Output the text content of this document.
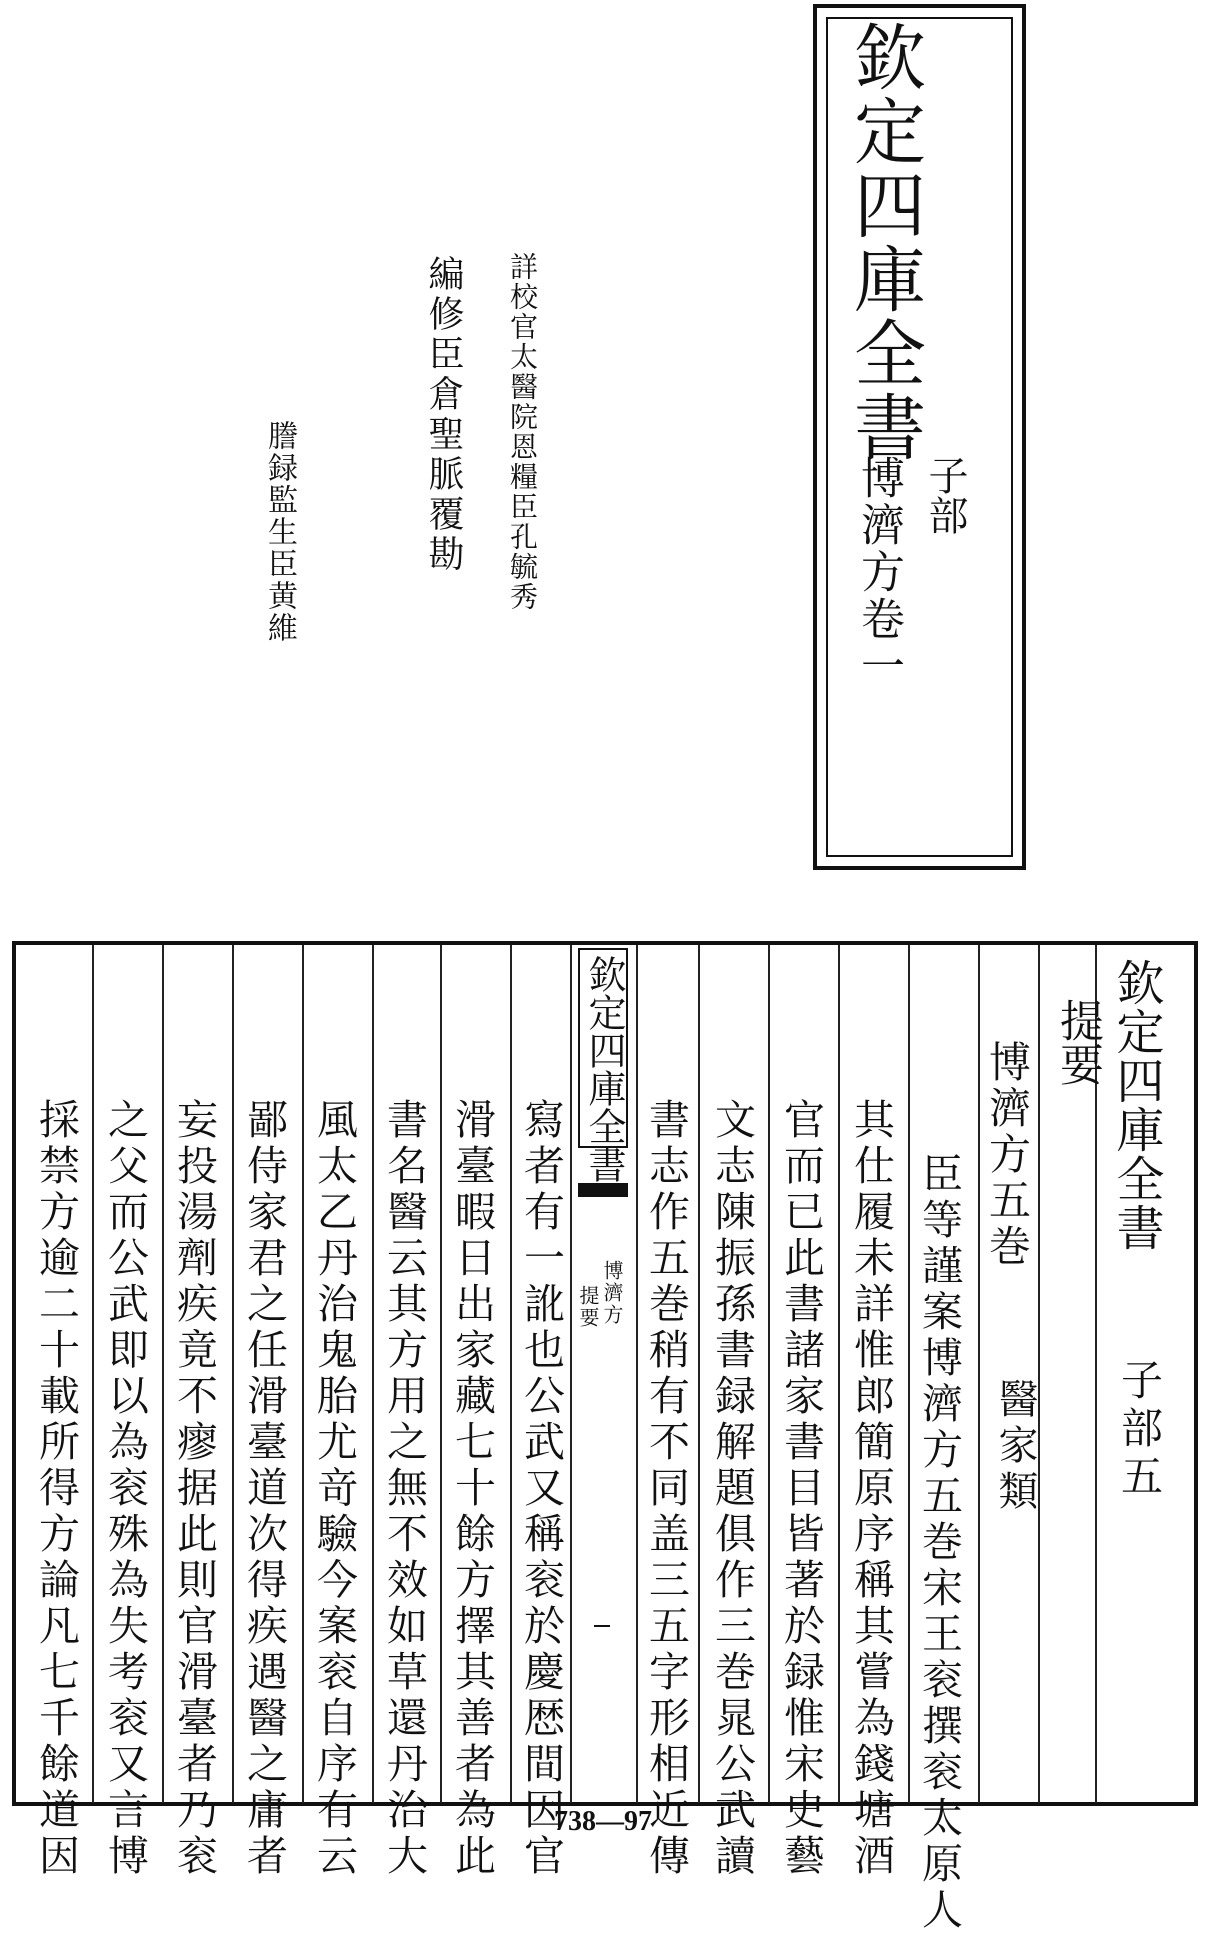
欽定四庫全書
子部
博濟方卷一
詳校官太醫院恩糧臣孔毓秀
編修臣倉聖脈覆勘
謄録監生臣黄維
欽定四庫全書
子部五
提要
博濟方五巻
醫家類
臣等謹案博濟方五巻宋王衮撰衮太原人
其仕履未詳惟郎簡原序稱其嘗為錢塘酒
官而已此書諸家書目皆著於録惟宋史藝
文志陳振孫書録解題俱作三巻晁公武讀
書志作五巻稍有不同盖三五字形相近傳
欽定四庫全書
博濟方
提要
寫者有一訛也公武又稱衮於慶厯間因官
滑臺暇日出家藏七十餘方擇其善者為此
書名醫云其方用之無不效如草還丹治大
風太乙丹治鬼胎尤竒驗今案衮自序有云
鄙侍家君之任滑臺道次得疾遇醫之庸者
妄投湯劑疾竟不瘳据此則官滑臺者乃衮
之父而公武即以為衮殊為失考衮又言博
採禁方逾二十載所得方論凡七千餘道因	738—97
